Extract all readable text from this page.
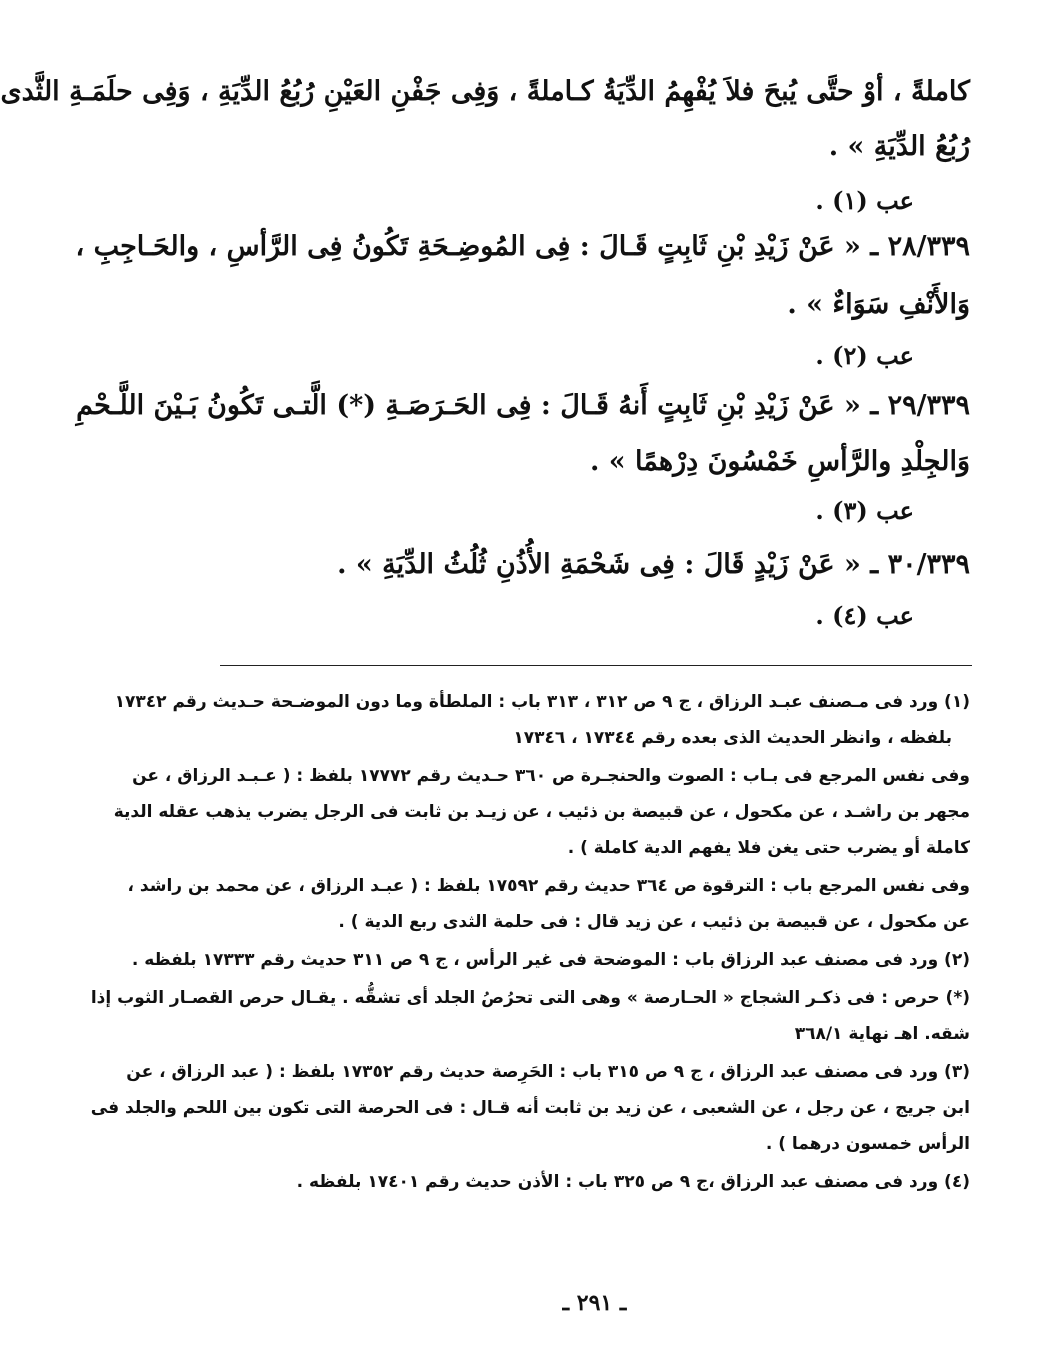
كاملةً ، أوْ حتَّى يُبحَ فلاَ يُفْهِمُ الدِّيَةُ كـاملةً ، وَفِى جَفْنِ العَيْنِ رُبُعُ الدِّيَةِ ، وَفِى حلَمَـةِ الثَّدى
رُبُعُ الدِّيَةِ » .
عب (١) .
٢٨/٣٣٩ ـ « عَنْ زَيْدِ بْنِ ثَابِتٍ قَـالَ : فِى المُوضِـحَةِ تَكُونُ فِى الرَّأسِ ، والحَـاجِبِ ،
وَالأَنْفِ سَوَاءٌ » .
عب (٢) .
٢٩/٣٣٩ ـ « عَنْ زَيْدِ بْنِ ثَابِتٍ أَنهُ قَـالَ : فِى الحَـرَصَـةِ (*) الَّتـى تَكُونُ بَـيْنَ اللَّـحْمِ
وَالجِلْدِ والرَّأسِ خَمْسُونَ دِرْهمًا » .
عب (٣) .
٣٠/٣٣٩ ـ « عَنْ زَيْدٍ قَالَ : فِى شَحْمَةِ الأُذُنِ ثُلُثُ الدِّيَةِ » .
عب (٤) .
(١) ورد فى مـصنف عبـد الرزاق ، ج ٩ ص ٣١٢ ، ٣١٣ باب : الملطأة وما دون الموضـحة حـديث رقم ١٧٣٤٢
بلفظه ، وانظر الحديث الذى بعده رقم ١٧٣٤٤ ، ١٧٣٤٦
وفى نفس المرجع فى بـاب : الصوت والحنجـرة ص ٣٦٠ حـديث رقم ١٧٧٧٢ بلفظ : ( عـبـد الرزاق ، عن
مجهر بن راشـد ، عن مكحول ، عن قبيصة بن ذئيب ، عن زيـد بن ثابت فى الرجل يضرب يذهب عقله الدية
كاملة أو يضرب حتى يغن فلا يفهم الدية كاملة ) .
وفى نفس المرجع باب : الترقوة ص ٣٦٤ حديث رقم ١٧٥٩٢ بلفظ : ( عبـد الرزاق ، عن محمد بن راشد ،
عن مكحول ، عن قبيصة بن ذئيب ، عن زيد قال : فى حلمة الثدى ربع الدية ) .
(٢) ورد فى مصنف عبد الرزاق باب : الموضحة فى غير الرأس ، ج ٩ ص ٣١١ حديث رقم ١٧٣٣٣ بلفظه .
(*) حرص : فى ذكـر الشجاج « الحـارصة » وهى التى تحرُصُ الجلد أى تشقُّه . يقـال حرص القصـار الثوب إذا
شقه. اهـ نهاية ٣٦٨/١
(٣) ورد فى مصنف عبد الرزاق ، ج ٩ ص ٣١٥ باب : الحَرِصة حديث رقم ١٧٣٥٢ بلفظ : ( عبد الرزاق ، عن
ابن جريج ، عن رجل ، عن الشعبى ، عن زيد بن ثابت أنه قـال : فى الحرصة التى تكون بين اللحم والجلد فى
الرأس خمسون درهما ) .
(٤) ورد فى مصنف عبد الرزاق ،ج ٩ ص ٣٢٥ باب : الأذن حديث رقم ١٧٤٠١ بلفظه .
ـ ٢٩١ ـ
